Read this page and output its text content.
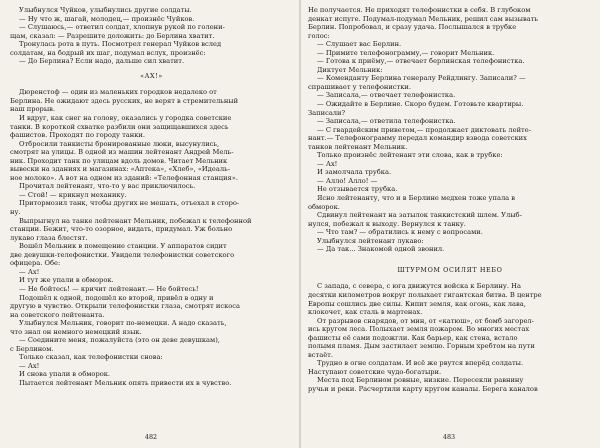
Улыбнулся Чуйков, улыбнулись другие солдаты.
— Ну что ж, шагай, молодец,— произнёс Чуйков.
— Слушаюсь,— ответил солдат, хлопнув рукой по голени-
щам, сказал: — Разрешите доложить: до Берлина хватит.
Тронулась рота в путь. Посмотрел генерал Чуйков вслед
солдатам, на бодрый их шаг, подумал вслух, произнёс:
— До Берлина? Если надо, дальше сил хватит.
«АХ!»
Дюренстоф — один из маленьких городков недалеко от
Берлина. Не ожидают здесь русских, не верят в стремительный
наш прорыв.
И вдруг, как снег на голову, оказались у городка советские
танки. В короткой схватке разбили они защищавшихся здесь
фашистов. Проходят по городу танки.
Отбросили танкисты бронированные люки, высунулись,
смотрят на улицы. В одной из машин лейтенант Андрей Мель-
ник. Проходит танк по улицам вдоль домов. Читает Мельник
вывески на зданиях и магазинах: «Аптека», «Хлеб», «Идеаль-
ное молоко». А вот на одном из зданий: «Телефонная станция».
Прочитал лейтенант, что-то у вас приключилось.
— Стой! — крикнул механику.
Притормозил танк, чтобы других не мешать, отъехал в сторо-
ну.
Выпрыгнул на танке лейтенант Мельник, побежал к телефонной
станции. Бежит, что-то озорное, видать, придумал. Уж больно
лукаво глаза блестят.
Вошёл Мельник в помещение станции. У аппаратов сидит
две девушки-телефонистки. Увидели телефонистки советского
офицера. Обе:
— Ах!
И тут же упали в обморок.
— Не бойтесь! — кричит лейтенант.— Не бойтесь!
Подошёл к одной, подошёл ко второй, привёл в одну и
другую в чувство. Открыли телефонистки глаза, смотрят искоса
на советского лейтенанта.
Улыбнулся Мельник, говорит по-немецки. А надо сказать,
что знал он немного немецкий язык.
— Соедините меня, пожалуйста (это он деве девушкам),
с Берлином.
Только сказал, как телефонистки снова:
— Ах!
И снова упали в обморок.
Пытается лейтенант Мельник опять привести их в чувство.
482
Не получается. Не приходят телефонистки в себя. В глубоком
денкат испуге. Подумал-подумал Мельник, решил сам вызывать
Берлин. Попробовал, и сразу удача. Послышался в трубке
голос:
— Слушает вас Берлин.
— Примите телефонограмму,— говорит Мельник.
— Готова к приёму,— отвечает берлинская телефонистка.
Диктует Мельник:
— Коменданту Берлина генералу Рейдлингу. Записали? —
спрашивает у телефонистки.
— Записала,— отвечает телефонистка.
— Ожидайте в Берлине. Скоро будем. Готовьте квартиры.
Записали?
— Записала,— ответила телефонистка.
— С гвардейским приветом,— продолжает диктовать лейте-
нант.— Телефонограмму передал командир взвода советских
танков лейтенант Мельник.
Только произнёс лейтенант эти слова, как в трубке:
— Ах!
И замолчала трубка.
— Алло! Алло! —
Не отзывается трубка.
Ясно лейтенанту, что и в Берлине медхен тоже упала в
обморок.
Сдвинул лейтенант на затылок танкистский шлем. Улыб-
нулся, побежал к выходу. Вернулся к танку.
— Что там? — обратились к нему с вопросами.
Улыбнулся лейтенант лукаво:
— Да так... Знакомой одной звонил.
ШТУРМОМ ОСИЛЯТ НЕБО
С запада, с севера, с юга движутся войска к Берлину. На
десятки километров вокруг полыхает гигантская битва. В центре
Европы сошлись две силы. Кипит земля, как огонь, как лава,
клокочет, как сталь в мартенах.
От разрывов снарядов, от мин, от «катюш», от бомб загорел-
ись кругом леса. Полыхает земля пожаром. Во многих местах
фашисты её сами подожгли. Как барьер, как стена, встало
полымя пламя. Дым застилает землю. Горным хребтом на пути
встаёт.
Трудно в огне солдатам. И всё же рвутся вперёд солдаты.
Наступают советские чудо-богатыри.
Места под Берлином ровные, низкие. Пересекли равнину
ручьи и реки. Расчертили карту кругом каналы. Берега каналов
483
